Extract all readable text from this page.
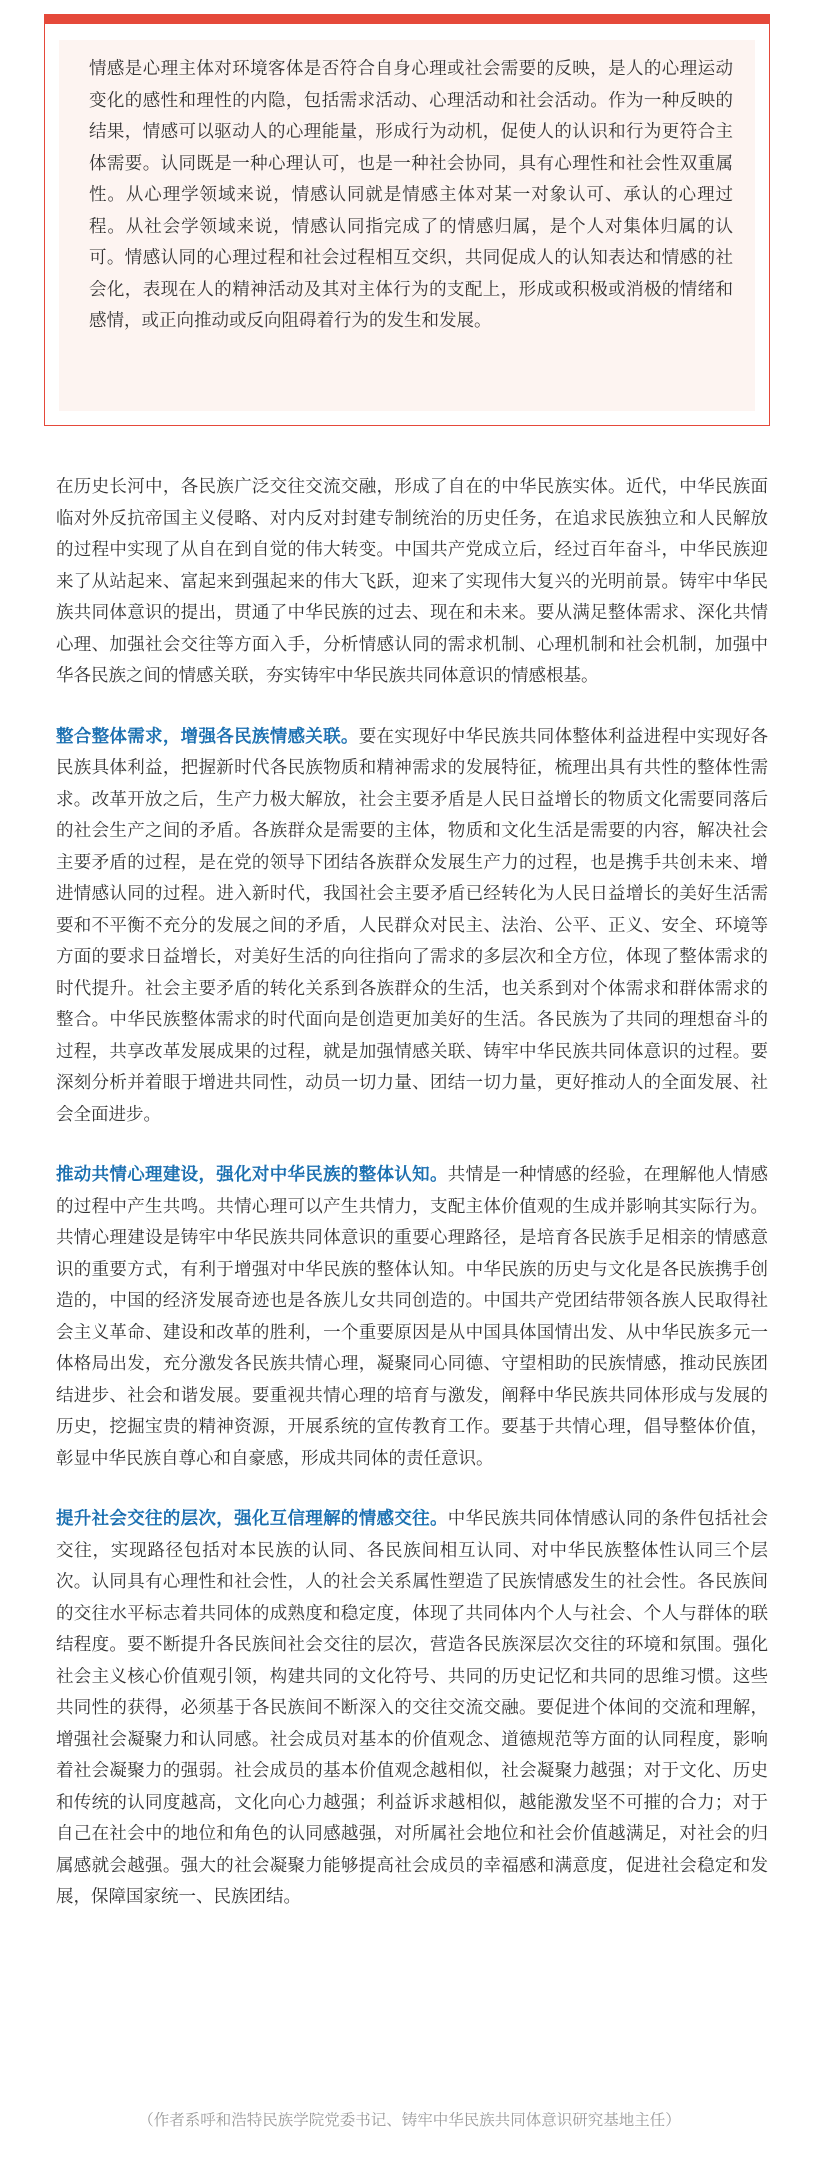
情感是心理主体对环境客体是否符合自身心理或社会需要的反映，是人的心理运动变化的感性和理性的内隐，包括需求活动、心理活动和社会活动。作为一种反映的结果，情感可以驱动人的心理能量，形成行为动机，促使人的认识和行为更符合主体需要。认同既是一种心理认可，也是一种社会协同，具有心理性和社会性双重属性。从心理学领域来说，情感认同就是情感主体对某一对象认可、承认的心理过程。从社会学领域来说，情感认同指完成了的情感归属，是个人对集体归属的认可。情感认同的心理过程和社会过程相互交织，共同促成人的认知表达和情感的社会化，表现在人的精神活动及其对主体行为的支配上，形成或积极或消极的情绪和感情，或正向推动或反向阻碍着行为的发生和发展。

在历史长河中，各民族广泛交往交流交融，形成了自在的中华民族实体。近代，中华民族面临对外反抗帝国主义侵略、对内反对封建专制统治的历史任务，在追求民族独立和人民解放的过程中实现了从自在到自觉的伟大转变。中国共产党成立后，经过百年奋斗，中华民族迎来了从站起来、富起来到强起来的伟大飞跃，迎来了实现伟大复兴的光明前景。铸牢中华民族共同体意识的提出，贯通了中华民族的过去、现在和未来。要从满足整体需求、深化共情心理、加强社会交往等方面入手，分析情感认同的需求机制、心理机制和社会机制，加强中华各民族之间的情感关联，夯实铸牢中华民族共同体意识的情感根基。

整合整体需求，增强各民族情感关联。要在实现好中华民族共同体整体利益进程中实现好各民族具体利益，把握新时代各民族物质和精神需求的发展特征，梳理出具有共性的整体性需求。改革开放之后，生产力极大解放，社会主要矛盾是人民日益增长的物质文化需要同落后的社会生产之间的矛盾。各族群众是需要的主体，物质和文化生活是需要的内容，解决社会主要矛盾的过程，是在党的领导下团结各族群众发展生产力的过程，也是携手共创未来、增进情感认同的过程。进入新时代，我国社会主要矛盾已经转化为人民日益增长的美好生活需要和不平衡不充分的发展之间的矛盾，人民群众对民主、法治、公平、正义、安全、环境等方面的要求日益增长，对美好生活的向往指向了需求的多层次和全方位，体现了整体需求的时代提升。社会主要矛盾的转化关系到各族群众的生活，也关系到对个体需求和群体需求的整合。中华民族整体需求的时代面向是创造更加美好的生活。各民族为了共同的理想奋斗的过程，共享改革发展成果的过程，就是加强情感关联、铸牢中华民族共同体意识的过程。要深刻分析并着眼于增进共同性，动员一切力量、团结一切力量，更好推动人的全面发展、社会全面进步。

推动共情心理建设，强化对中华民族的整体认知。共情是一种情感的经验，在理解他人情感的过程中产生共鸣。共情心理可以产生共情力，支配主体价值观的生成并影响其实际行为。共情心理建设是铸牢中华民族共同体意识的重要心理路径，是培育各民族手足相亲的情感意识的重要方式，有利于增强对中华民族的整体认知。中华民族的历史与文化是各民族携手创造的，中国的经济发展奇迹也是各族儿女共同创造的。中国共产党团结带领各族人民取得社会主义革命、建设和改革的胜利，一个重要原因是从中国具体国情出发、从中华民族多元一体格局出发，充分激发各民族共情心理，凝聚同心同德、守望相助的民族情感，推动民族团结进步、社会和谐发展。要重视共情心理的培育与激发，阐释中华民族共同体形成与发展的历史，挖掘宝贵的精神资源，开展系统的宣传教育工作。要基于共情心理，倡导整体价值，彰显中华民族自尊心和自豪感，形成共同体的责任意识。

提升社会交往的层次，强化互信理解的情感交往。中华民族共同体情感认同的条件包括社会交往，实现路径包括对本民族的认同、各民族间相互认同、对中华民族整体性认同三个层次。认同具有心理性和社会性，人的社会关系属性塑造了民族情感发生的社会性。各民族间的交往水平标志着共同体的成熟度和稳定度，体现了共同体内个人与社会、个人与群体的联结程度。要不断提升各民族间社会交往的层次，营造各民族深层次交往的环境和氛围。强化社会主义核心价值观引领，构建共同的文化符号、共同的历史记忆和共同的思维习惯。这些共同性的获得，必须基于各民族间不断深入的交往交流交融。要促进个体间的交流和理解，增强社会凝聚力和认同感。社会成员对基本的价值观念、道德规范等方面的认同程度，影响着社会凝聚力的强弱。社会成员的基本价值观念越相似，社会凝聚力越强；对于文化、历史和传统的认同度越高，文化向心力越强；利益诉求越相似，越能激发坚不可摧的合力；对于自己在社会中的地位和角色的认同感越强，对所属社会地位和社会价值越满足，对社会的归属感就会越强。强大的社会凝聚力能够提高社会成员的幸福感和满意度，促进社会稳定和发展，保障国家统一、民族团结。

（作者系呼和浩特民族学院党委书记、铸牢中华民族共同体意识研究基地主任）
